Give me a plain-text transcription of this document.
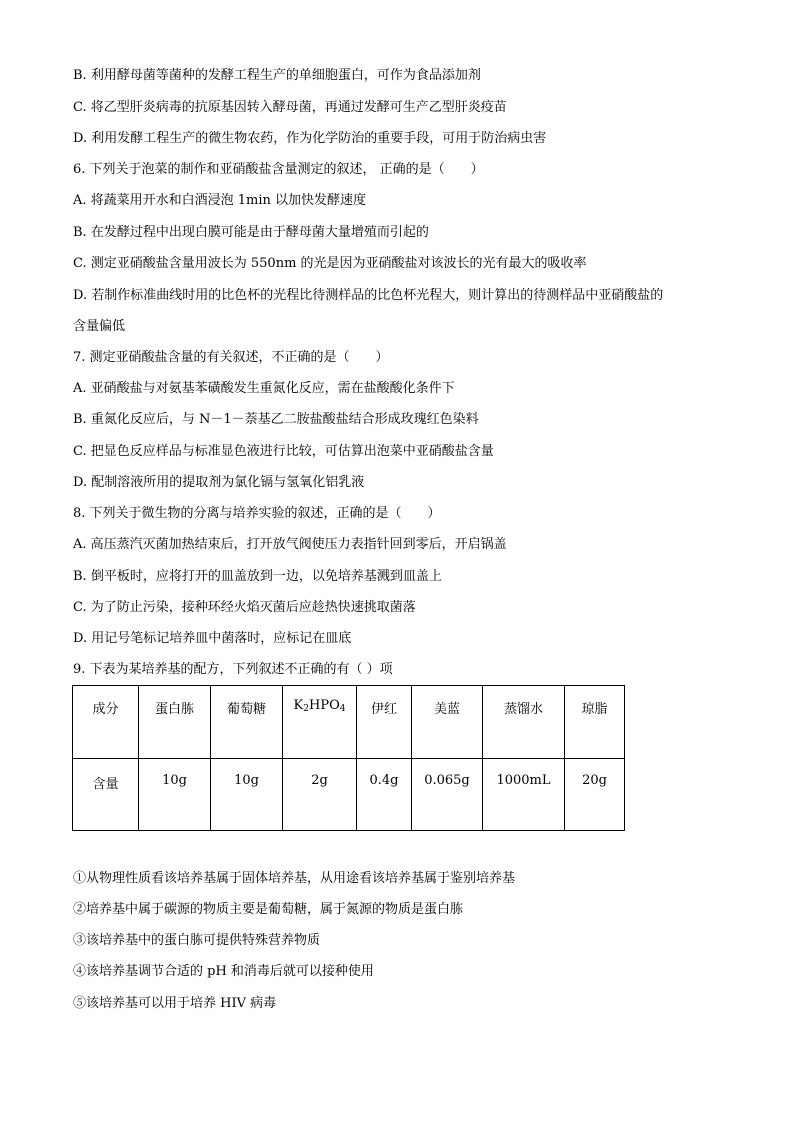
B. 利用酵母菌等菌种的发酵工程生产的单细胞蛋白，可作为食品添加剂
C. 将乙型肝炎病毒的抗原基因转入酵母菌，再通过发酵可生产乙型肝炎疫苗
D. 利用发酵工程生产的微生物农药，作为化学防治的重要手段，可用于防治病虫害
6. 下列关于泡菜的制作和亚硝酸盐含量测定的叙述， 正确的是（　　）
A. 将蔬菜用开水和白酒浸泡 1min 以加快发酵速度
B. 在发酵过程中出现白膜可能是由于酵母菌大量增殖而引起的
C. 测定亚硝酸盐含量用波长为 550nm 的光是因为亚硝酸盐对该波长的光有最大的吸收率
D. 若制作标准曲线时用的比色杯的光程比待测样品的比色杯光程大，则计算出的待测样品中亚硝酸盐的
含量偏低
7. 测定亚硝酸盐含量的有关叙述，不正确的是（　　）
A. 亚硝酸盐与对氨基苯磺酸发生重氮化反应，需在盐酸酸化条件下
B. 重氮化反应后，与 N－1－萘基乙二胺盐酸盐结合形成玫瑰红色染料
C. 把显色反应样品与标准显色液进行比较，可估算出泡菜中亚硝酸盐含量
D. 配制溶液所用的提取剂为氯化镉与氢氧化铝乳液
8. 下列关于微生物的分离与培养实验的叙述，正确的是（　　）
A. 高压蒸汽灭菌加热结束后，打开放气阀使压力表指针回到零后，开启锅盖
B. 倒平板时，应将打开的皿盖放到一边，以免培养基溅到皿盖上
C. 为了防止污染，接种环经火焰灭菌后应趁热快速挑取菌落
D. 用记号笔标记培养皿中菌落时，应标记在皿底
9. 下表为某培养基的配方，下列叙述不正确的有（ ）项
成分	蛋白胨	葡萄糖	$K_2HPO_4$	伊红	美蓝	蒸馏水	琼脂
含量	10g	10g	2g	0.4g	0.065g	1000mL	20g
①从物理性质看该培养基属于固体培养基，从用途看该培养基属于鉴别培养基
②培养基中属于碳源的物质主要是葡萄糖，属于氮源的物质是蛋白胨
③该培养基中的蛋白胨可提供特殊营养物质
④该培养基调节合适的 pH 和消毒后就可以接种使用
⑤该培养基可以用于培养 HIV 病毒
